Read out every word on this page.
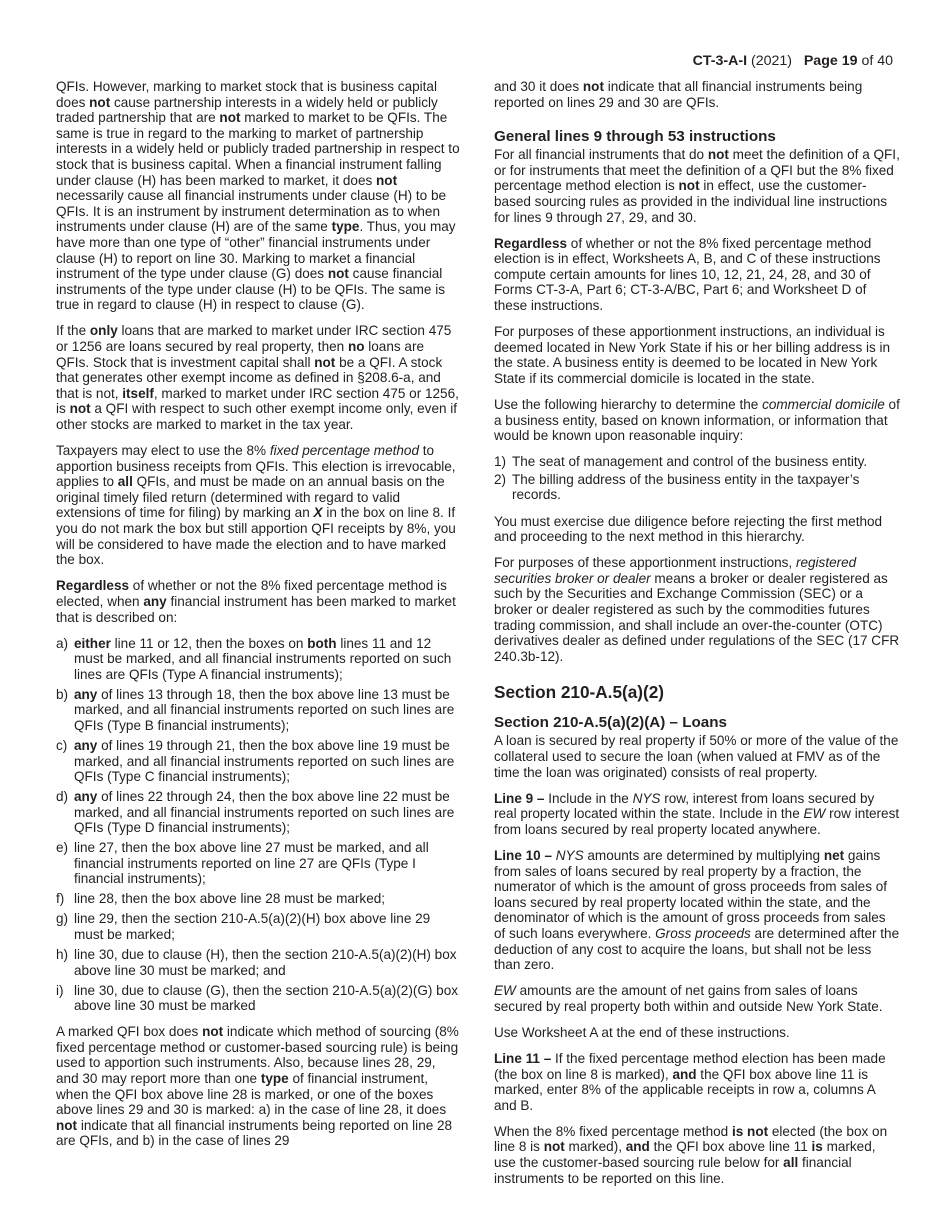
CT-3-A-I (2021) Page 19 of 40

QFIs. However, marking to market stock that is business capital does not cause partnership interests in a widely held or publicly traded partnership that are not marked to market to be QFIs. The same is true in regard to the marking to market of partnership interests in a widely held or publicly traded partnership in respect to stock that is business capital. When a financial instrument falling under clause (H) has been marked to market, it does not necessarily cause all financial instruments under clause (H) to be QFIs. It is an instrument by instrument determination as to when instruments under clause (H) are of the same type. Thus, you may have more than one type of “other” financial instruments under clause (H) to report on line 30. Marking to market a financial instrument of the type under clause (G) does not cause financial instruments of the type under clause (H) to be QFIs. The same is true in regard to clause (H) in respect to clause (G).

If the only loans that are marked to market under IRC section 475 or 1256 are loans secured by real property, then no loans are QFIs. Stock that is investment capital shall not be a QFI. A stock that generates other exempt income as defined in §208.6-a, and that is not, itself, marked to market under IRC section 475 or 1256, is not a QFI with respect to such other exempt income only, even if other stocks are marked to market in the tax year.

Taxpayers may elect to use the 8% fixed percentage method to apportion business receipts from QFIs. This election is irrevocable, applies to all QFIs, and must be made on an annual basis on the original timely filed return (determined with regard to valid extensions of time for filing) by marking an X in the box on line 8. If you do not mark the box but still apportion QFI receipts by 8%, you will be considered to have made the election and to have marked the box.

Regardless of whether or not the 8% fixed percentage method is elected, when any financial instrument has been marked to market that is described on:

a) either line 11 or 12, then the boxes on both lines 11 and 12 must be marked, and all financial instruments reported on such lines are QFIs (Type A financial instruments);
b) any of lines 13 through 18, then the box above line 13 must be marked, and all financial instruments reported on such lines are QFIs (Type B financial instruments);
c) any of lines 19 through 21, then the box above line 19 must be marked, and all financial instruments reported on such lines are QFIs (Type C financial instruments);
d) any of lines 22 through 24, then the box above line 22 must be marked, and all financial instruments reported on such lines are QFIs (Type D financial instruments);
e) line 27, then the box above line 27 must be marked, and all financial instruments reported on line 27 are QFIs (Type I financial instruments);
f) line 28, then the box above line 28 must be marked;
g) line 29, then the section 210-A.5(a)(2)(H) box above line 29 must be marked;
h) line 30, due to clause (H), then the section 210-A.5(a)(2)(H) box above line 30 must be marked; and
i) line 30, due to clause (G), then the section 210-A.5(a)(2)(G) box above line 30 must be marked

A marked QFI box does not indicate which method of sourcing (8% fixed percentage method or customer-based sourcing rule) is being used to apportion such instruments. Also, because lines 28, 29, and 30 may report more than one type of financial instrument, when the QFI box above line 28 is marked, or one of the boxes above lines 29 and 30 is marked: a) in the case of line 28, it does not indicate that all financial instruments being reported on line 28 are QFIs, and b) in the case of lines 29

and 30 it does not indicate that all financial instruments being reported on lines 29 and 30 are QFIs.

General lines 9 through 53 instructions

For all financial instruments that do not meet the definition of a QFI, or for instruments that meet the definition of a QFI but the 8% fixed percentage method election is not in effect, use the customer-based sourcing rules as provided in the individual line instructions for lines 9 through 27, 29, and 30.

Regardless of whether or not the 8% fixed percentage method election is in effect, Worksheets A, B, and C of these instructions compute certain amounts for lines 10, 12, 21, 24, 28, and 30 of Forms CT-3-A, Part 6; CT-3-A/BC, Part 6; and Worksheet D of these instructions.

For purposes of these apportionment instructions, an individual is deemed located in New York State if his or her billing address is in the state. A business entity is deemed to be located in New York State if its commercial domicile is located in the state.

Use the following hierarchy to determine the commercial domicile of a business entity, based on known information, or information that would be known upon reasonable inquiry:

1) The seat of management and control of the business entity.
2) The billing address of the business entity in the taxpayer’s records.

You must exercise due diligence before rejecting the first method and proceeding to the next method in this hierarchy.

For purposes of these apportionment instructions, registered securities broker or dealer means a broker or dealer registered as such by the Securities and Exchange Commission (SEC) or a broker or dealer registered as such by the commodities futures trading commission, and shall include an over-the-counter (OTC) derivatives dealer as defined under regulations of the SEC (17 CFR 240.3b-12).

Section 210-A.5(a)(2)
Section 210-A.5(a)(2)(A) – Loans

A loan is secured by real property if 50% or more of the value of the collateral used to secure the loan (when valued at FMV as of the time the loan was originated) consists of real property.

Line 9 – Include in the NYS row, interest from loans secured by real property located within the state. Include in the EW row interest from loans secured by real property located anywhere.

Line 10 – NYS amounts are determined by multiplying net gains from sales of loans secured by real property by a fraction, the numerator of which is the amount of gross proceeds from sales of loans secured by real property located within the state, and the denominator of which is the amount of gross proceeds from sales of such loans everywhere. Gross proceeds are determined after the deduction of any cost to acquire the loans, but shall not be less than zero.

EW amounts are the amount of net gains from sales of loans secured by real property both within and outside New York State.

Use Worksheet A at the end of these instructions.

Line 11 – If the fixed percentage method election has been made (the box on line 8 is marked), and the QFI box above line 11 is marked, enter 8% of the applicable receipts in row a, columns A and B.

When the 8% fixed percentage method is not elected (the box on line 8 is not marked), and the QFI box above line 11 is marked, use the customer-based sourcing rule below for all financial instruments to be reported on this line.
